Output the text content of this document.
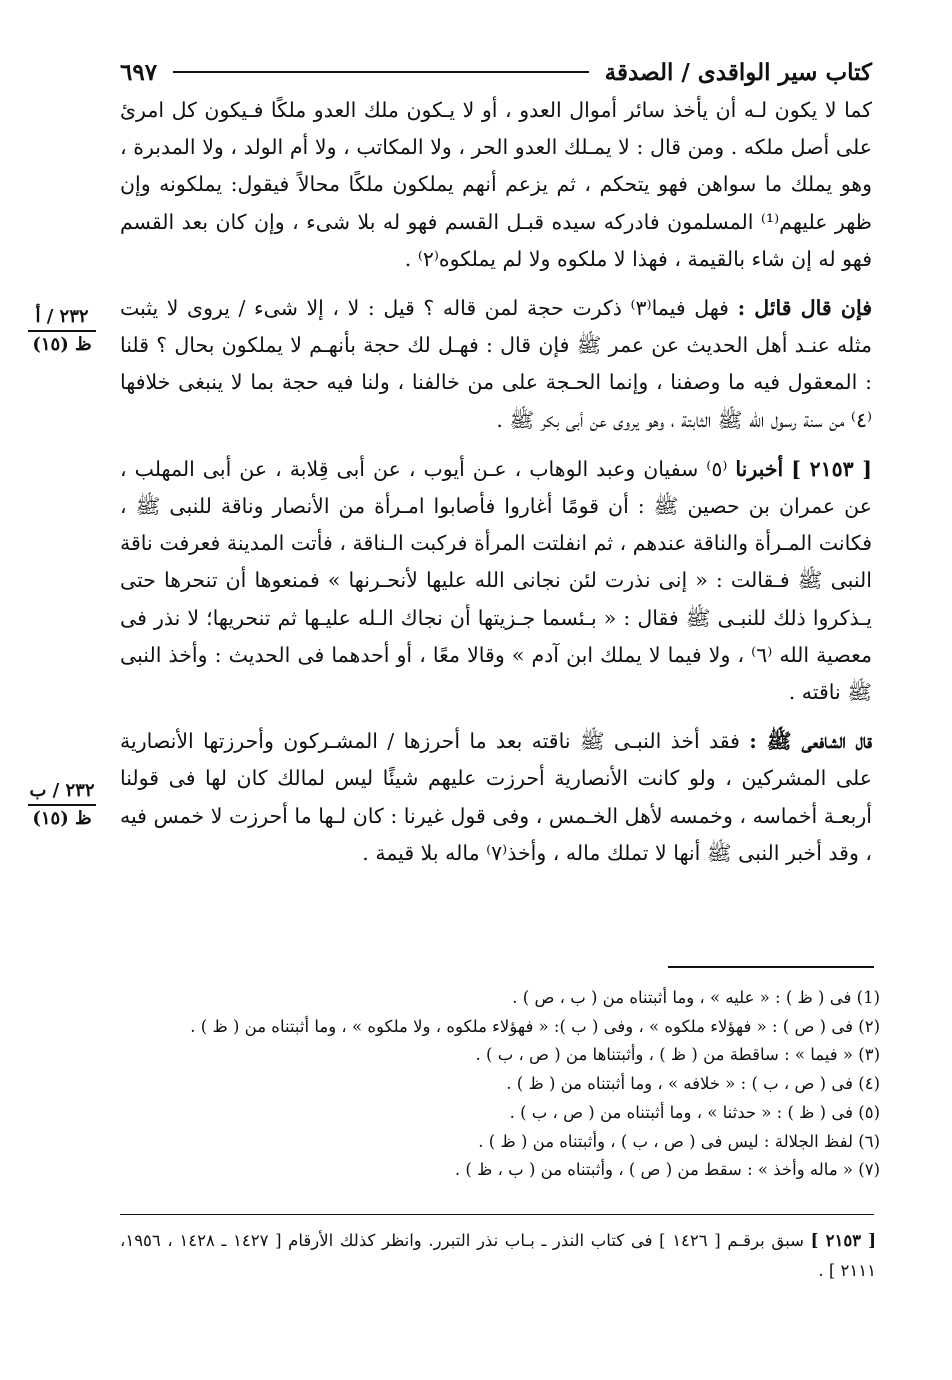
كتاب سير الواقدى / الصدقة
٦٩٧
٢٣٢ / أ
ظ (١٥)
٢٣٢ / ب
ظ (١٥)

كما لا يكون لـه أن يأخذ سائر أموال العدو ، أو لا يـكون ملك العدو ملكًا فـيكون كل امرئ على أصل ملكه . ومن قال : لا يمـلك العدو الحر ، ولا المكاتب ، ولا أم الولد ، ولا المدبرة ، وهو يملك ما سواهن فهو يتحكم ، ثم يزعم أنهم يملكون ملكًا محالاً فيقول: يملكونه وإن ظهر عليهم⁽¹⁾ المسلمون فادركه سيده قبـل القسم فهو له بلا شىء ، وإن كان بعد القسم فهو له إن شاء بالقيمة ، فهذا لا ملكوه ولا لم يملكوه⁽٢⁾ .

فإن قال قائل : فهل فيما⁽٣⁾ ذكرت حجة لمن قاله ؟ قيل : لا ، إلا شىء / يروى لا يثبت مثله عنـد أهل الحديث عن عمر ﷺ فإن قال : فهـل لك حجة بأنهـم لا يملكون بحال ؟ قلنا : المعقول فيه ما وصفنا ، وإنما الحـجة على من خالفنا ، ولنا فيه حجة بما لا ينبغى خلافها ⁽٤⁾ من سنة رسول الله ﷺ الثابتة ، وهو يروى عن أبى بكر ﷺ .

[ ٢١٥٣ ] أخبرنا ⁽٥⁾ سفيان وعبد الوهاب ، عـن أيوب ، عن أبى قِلابة ، عن أبى المهلب ، عن عمران بن حصين ﷺ : أن قومًا أغاروا فأصابوا امـرأة من الأنصار وناقة للنبى ﷺ ، فكانت المـرأة والناقة عندهم ، ثم انفلتت المرأة فركبت الـناقة ، فأتت المدينة فعرفت ناقة النبى ﷺ فـقالت : « إنى نذرت لئن نجانى الله عليها لأنحـرنها » فمنعوها أن تنحرها حتى يـذكروا ذلك للنبـى ﷺ فقال : « بـئسما جـزيتها أن نجاك الـله عليـها ثم تنحريها؛ لا نذر فى معصية الله ⁽٦⁾ ، ولا فيما لا يملك ابن آدم » وقالا معًا ، أو أحدهما فى الحديث : وأخذ النبى ﷺ ناقته .

قال الشافعى ﷺ : فقد أخذ النبـى ﷺ ناقته بعد ما أحرزها / المشـركون وأحرزتها الأنصارية على المشركين ، ولو كانت الأنصارية أحرزت عليهم شيئًا ليس لمالك كان لها فى قولنا أربعـة أخماسه ، وخمسه لأهل الخـمس ، وفى قول غيرنا : كان لـها ما أحرزت لا خمس فيه ، وقد أخبر النبى ﷺ أنها لا تملك ماله ، وأخذ⁽٧⁾ ماله بلا قيمة .

(1) فى ( ظ ) : « عليه » ، وما أثبتناه من ( ب ، ص ) .
(٢) فى ( ص ) : « فهؤلاء ملكوه » ، وفى ( ب ): « فهؤلاء ملكوه ، ولا ملكوه » ، وما أثبتناه من ( ظ ) .
(٣) « فيما » : ساقطة من ( ظ ) ، وأثبتناها من ( ص ، ب ) .
(٤) فى ( ص ، ب ) : « خلافه » ، وما أثبتناه من ( ظ ) .
(٥) فى ( ظ ) : « حدثنا » ، وما أثبتناه من ( ص ، ب ) .
(٦) لفظ الجلالة : ليس فى ( ص ، ب ) ، وأثبتناه من ( ظ ) .
(٧) « ماله وأخذ » : سقط من ( ص ) ، وأثبتناه من ( ب ، ظ ) .
[ ٢١٥٣ ] سبق برقـم [ ١٤٢٦ ] فى كتاب النذر ـ بـاب نذر التبرر. وانظر كذلك الأرقام [ ١٤٢٧ ـ ١٤٢٨ ، ١٩٥٦، ٢١١١ ] .
